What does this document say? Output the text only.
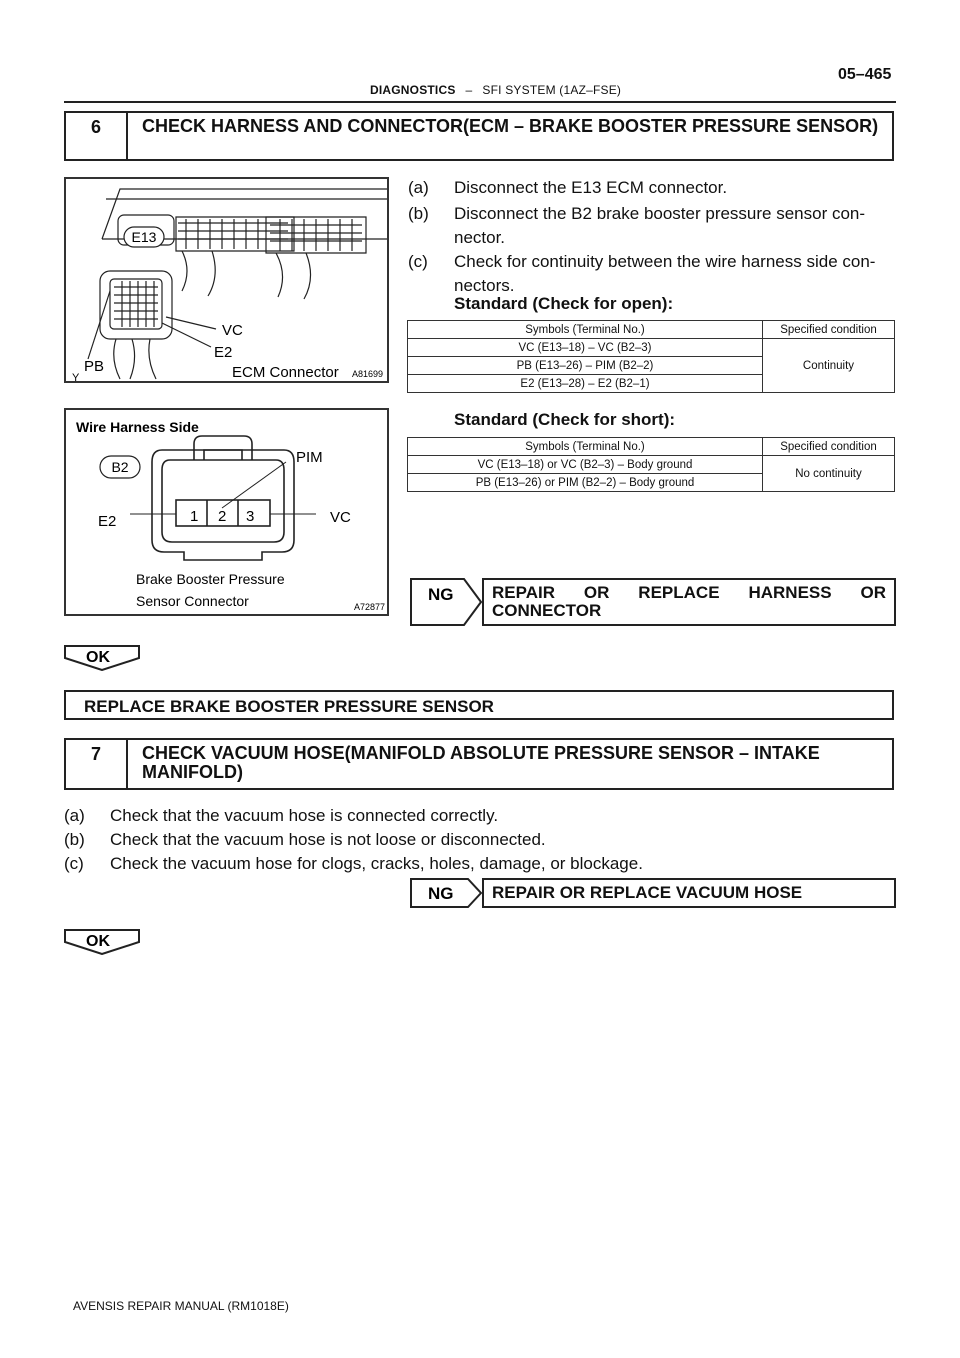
05–465
DIAGNOSTICS – SFI SYSTEM (1AZ–FSE)
6	CHECK HARNESS AND CONNECTOR(ECM – BRAKE BOOSTER PRESSURE SENSOR)
E13
VC
E2
PB
Y	ECM Connector A81699
Wire Harness Side
B2
1 2 3
PIM
E2	VC
Brake Booster Pressure
Sensor Connector	A72877
(a) Disconnect the E13 ECM connector.
(b) Disconnect the B2 brake booster pressure sensor con-
nector.
(c) Check for continuity between the wire harness side con-
nectors.
Standard (Check for open):
Symbols (Terminal No.)	Specified condition
VC (E13–18) – VC (B2–3)	Continuity
PB (E13–26) – PIM (B2–2)	
E2 (E13–28) – E2 (B2–1)	
Standard (Check for short):
Symbols (Terminal No.)	Specified condition
VC (E13–18) or VC (B2–3) – Body ground	No continuity
PB (E13–26) or PIM (B2–2) – Body ground	
NG	REPAIR OR REPLACE HARNESS OR CONNECTOR
OK
REPLACE BRAKE BOOSTER PRESSURE SENSOR
7	CHECK VACUUM HOSE(MANIFOLD ABSOLUTE PRESSURE SENSOR – INTAKE MANIFOLD)
(a) Check that the vacuum hose is connected correctly.
(b) Check that the vacuum hose is not loose or disconnected.
(c) Check the vacuum hose for clogs, cracks, holes, damage, or blockage.
NG	REPAIR OR REPLACE VACUUM HOSE
OK
AVENSIS REPAIR MANUAL (RM1018E)
